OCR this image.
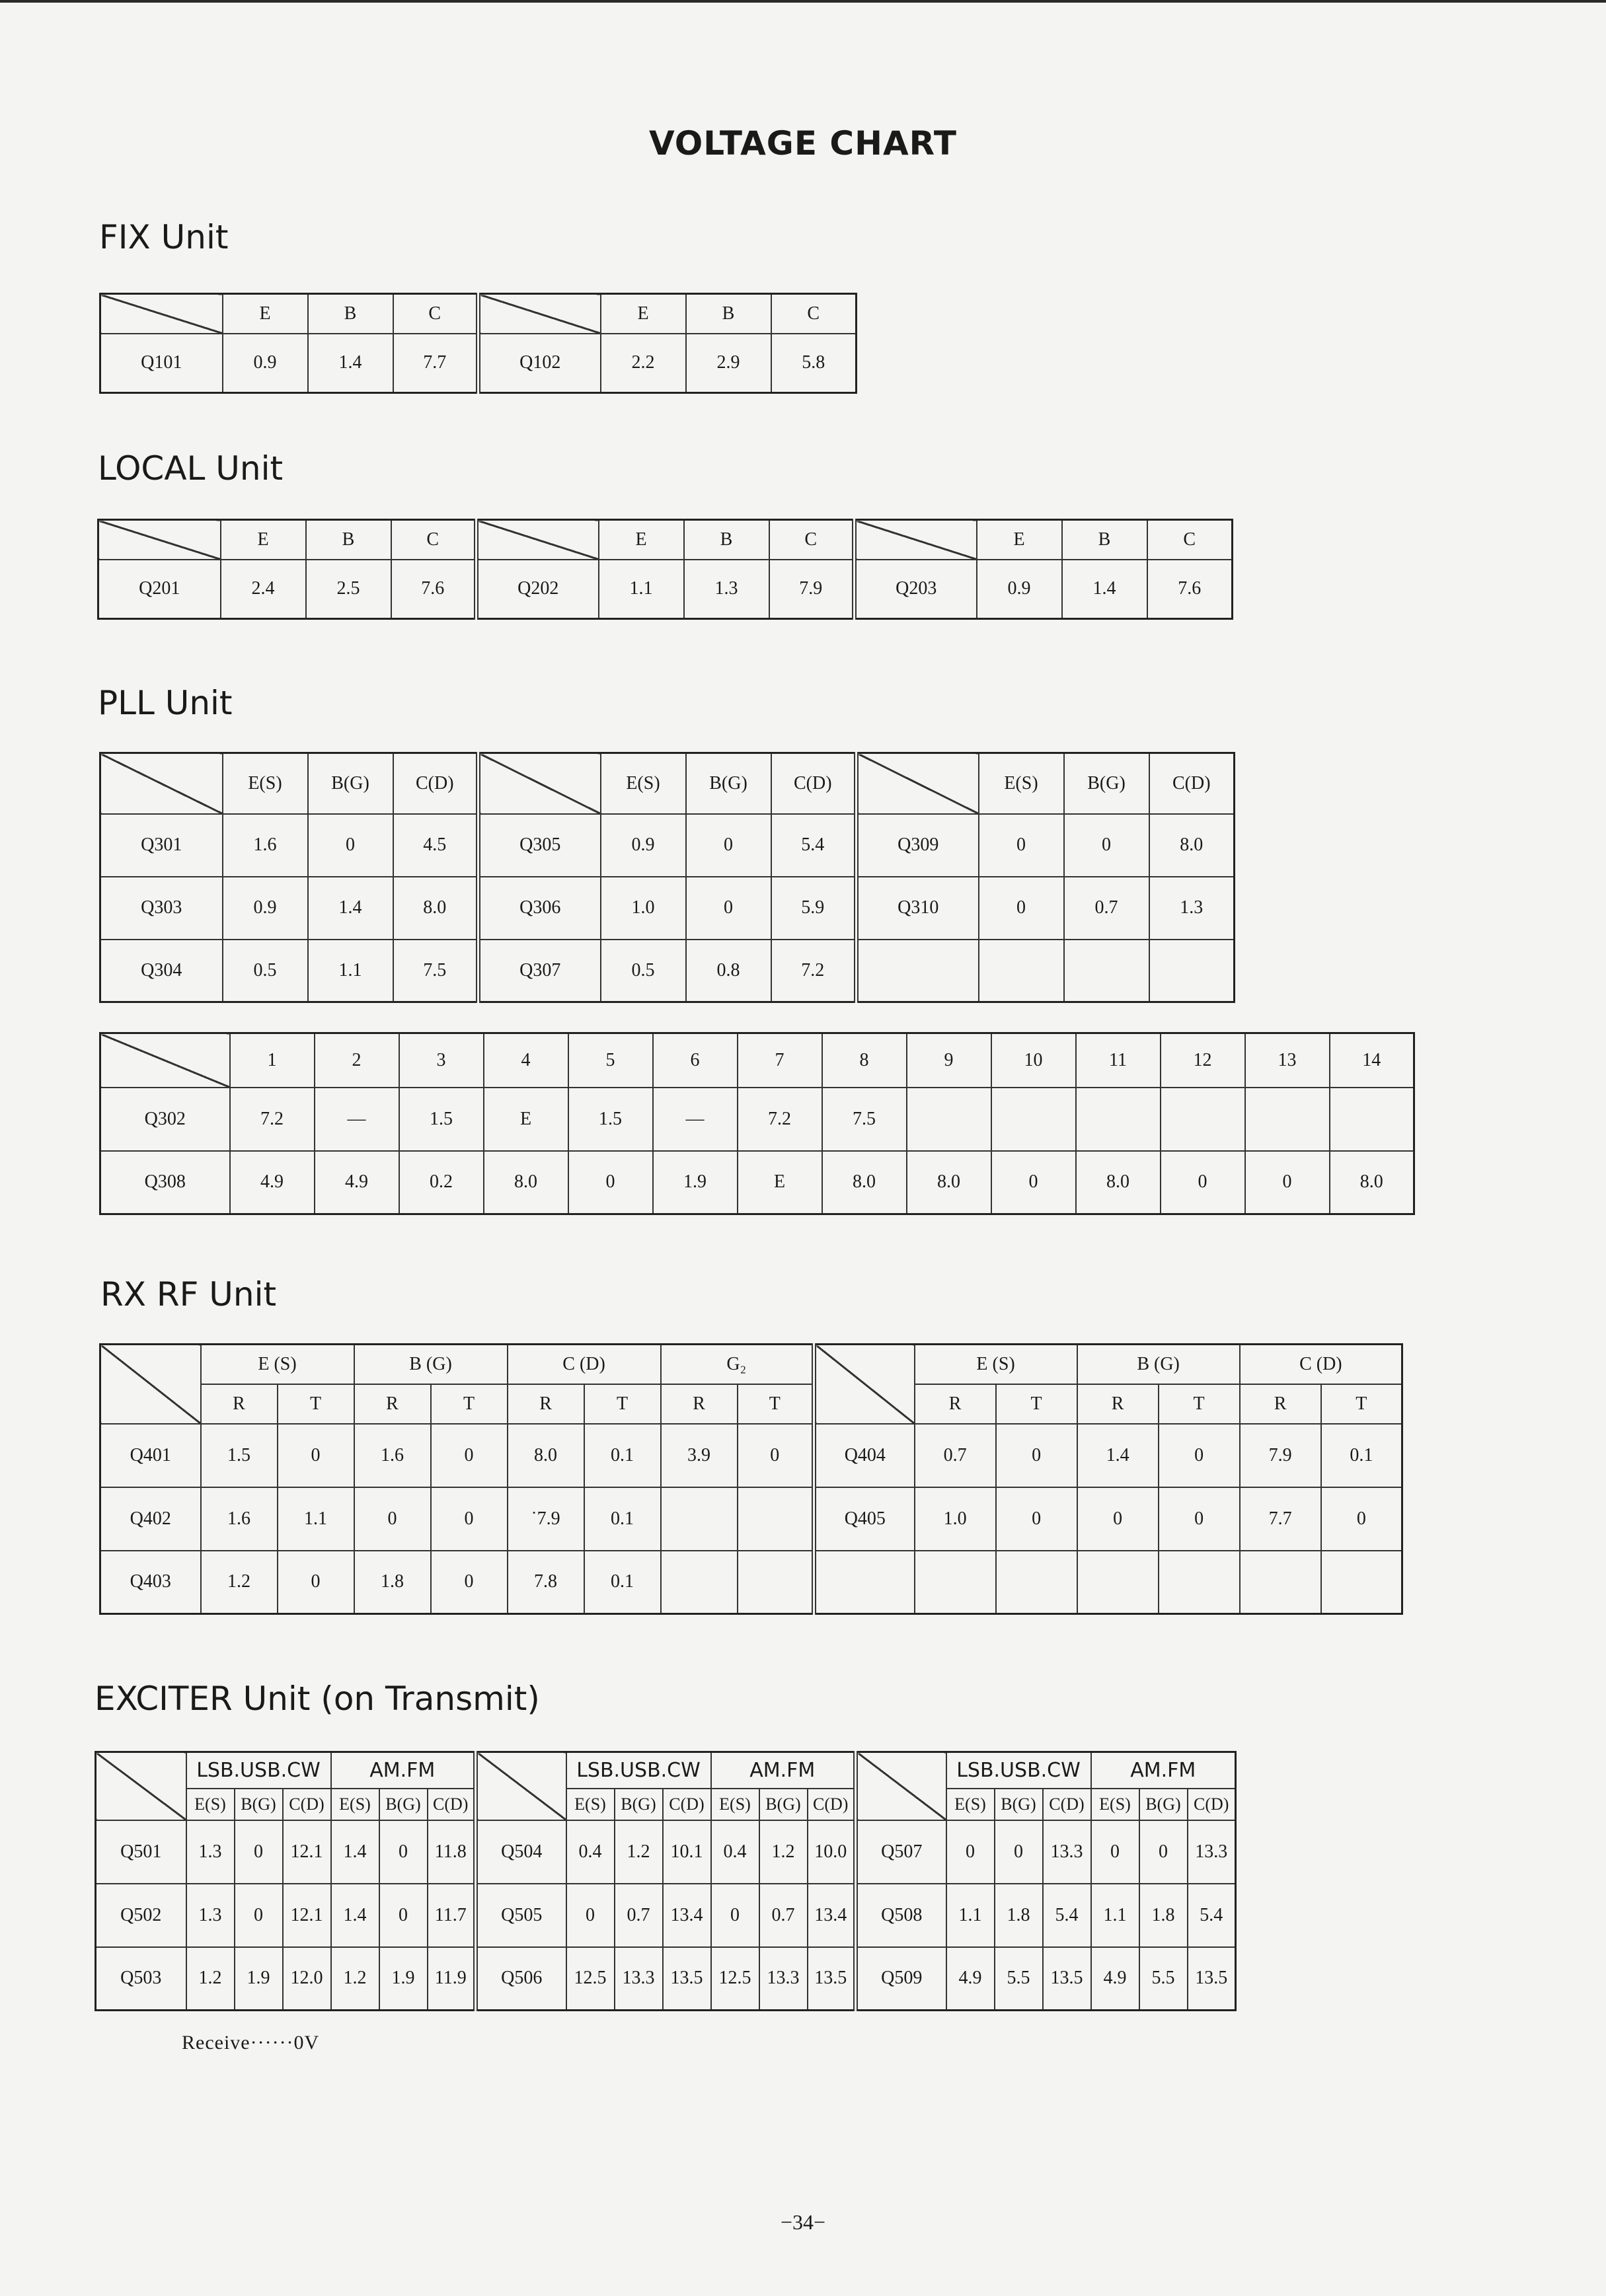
VOLTAGE CHART
FIX Unit
	E	B	C		E	B	C
Q101	0.9	1.4	7.7	Q102	2.2	2.9	5.8
LOCAL Unit
	E	B	C		E	B	C		E	B	C
Q201	2.4	2.5	7.6	Q202	1.1	1.3	7.9	Q203	0.9	1.4	7.6
PLL Unit
	E(S)	B(G)	C(D)		E(S)	B(G)	C(D)		E(S)	B(G)	C(D)
Q301	1.6	0	4.5	Q305	0.9	0	5.4	Q309	0	0	8.0
Q303	0.9	1.4	8.0	Q306	1.0	0	5.9	Q310	0	0.7	1.3
Q304	0.5	1.1	7.5	Q307	0.5	0.8	7.2				
	1	2	3	4	5	6	7	8	9	10	11	12	13	14
Q302	7.2	—	1.5	E	1.5	—	7.2	7.5						
Q308	4.9	4.9	0.2	8.0	0	1.9	E	8.0	8.0	0	8.0	0	0	8.0
RX RF Unit
	E (S)		B (G)		C (D)		G₂			E (S)		B (G)		C (D)	
	R	T	R	T	R	T	R	T		R	T	R	T	R	T
Q401	1.5	0	1.6	0	8.0	0.1	3.9	0	Q404	0.7	0	1.4	0	7.9	0.1
Q402	1.6	1.1	0	0	˙7.9	0.1			Q405	1.0	0	0	0	7.7	0
Q403	1.2	0	1.8	0	7.8	0.1									
EXCITER Unit (on Transmit)
	LSB.USB.CW			AM.FM				LSB.USB.CW			AM.FM				LSB.USB.CW			AM.FM		
	E(S)	B(G)	C(D)	E(S)	B(G)	C(D)		E(S)	B(G)	C(D)	E(S)	B(G)	C(D)		E(S)	B(G)	C(D)	E(S)	B(G)	C(D)
Q501	1.3	0	12.1	1.4	0	11.8	Q504	0.4	1.2	10.1	0.4	1.2	10.0	Q507	0	0	13.3	0	0	13.3
Q502	1.3	0	12.1	1.4	0	11.7	Q505	0	0.7	13.4	0	0.7	13.4	Q508	1.1	1.8	5.4	1.1	1.8	5.4
Q503	1.2	1.9	12.0	1.2	1.9	11.9	Q506	12.5	13.3	13.5	12.5	13.3	13.5	Q509	4.9	5.5	13.5	4.9	5.5	13.5
Receive······0V
−34−
